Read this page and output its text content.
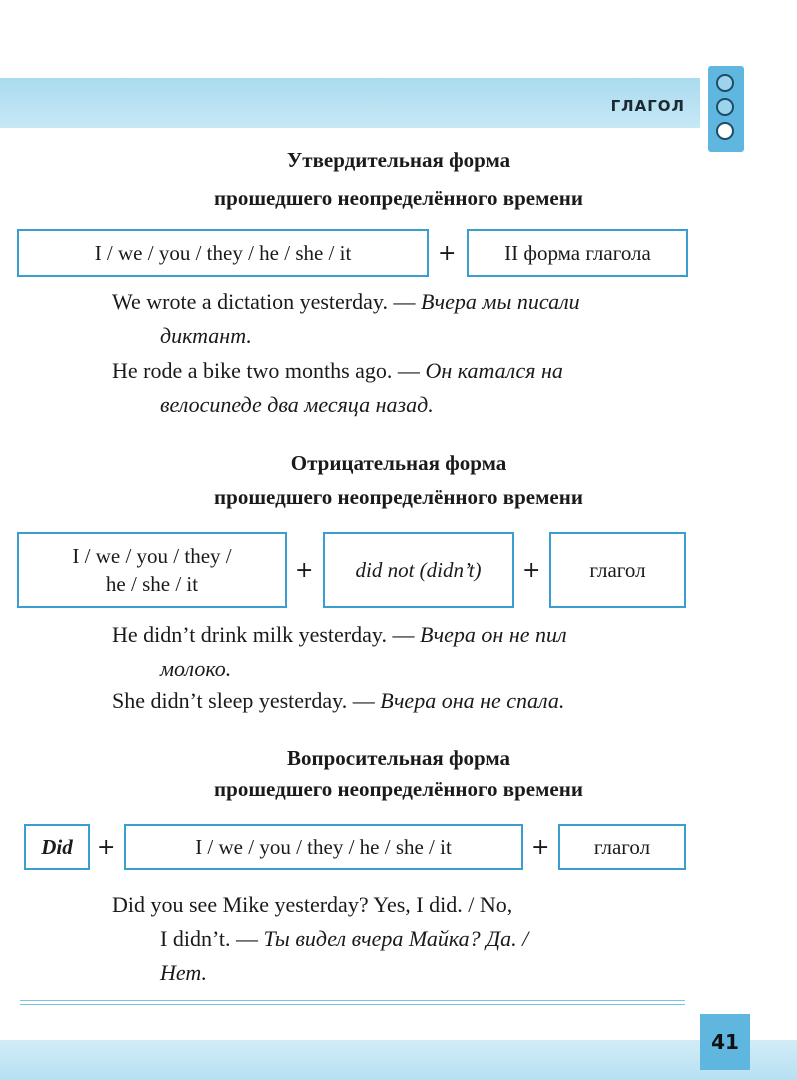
ГЛАГОЛ
Утвердительная форма
прошедшего неопределённого времени
I / we / you / they / he / she / it	+	II форма глагола
We wrote a dictation yesterday. — Вчера мы писали
диктант.
He rode a bike two months ago. — Он катался на
велосипеде два месяца назад.
Отрицательная форма
прошедшего неопределённого времени
I / we / you / they /
he / she / it
+	did not (didn’t)	+	глагол
He didn’t drink milk yesterday. — Вчера он не пил
молоко.
She didn’t sleep yesterday. — Вчера она не спала.
Вопросительная форма
прошедшего неопределённого времени
Did	+	I / we / you / they / he / she / it	+	глагол
Did you see Mike yesterday? Yes, I did. / No,
I didn’t. — Ты видел вчера Майка? Да. /
Нет.
41
